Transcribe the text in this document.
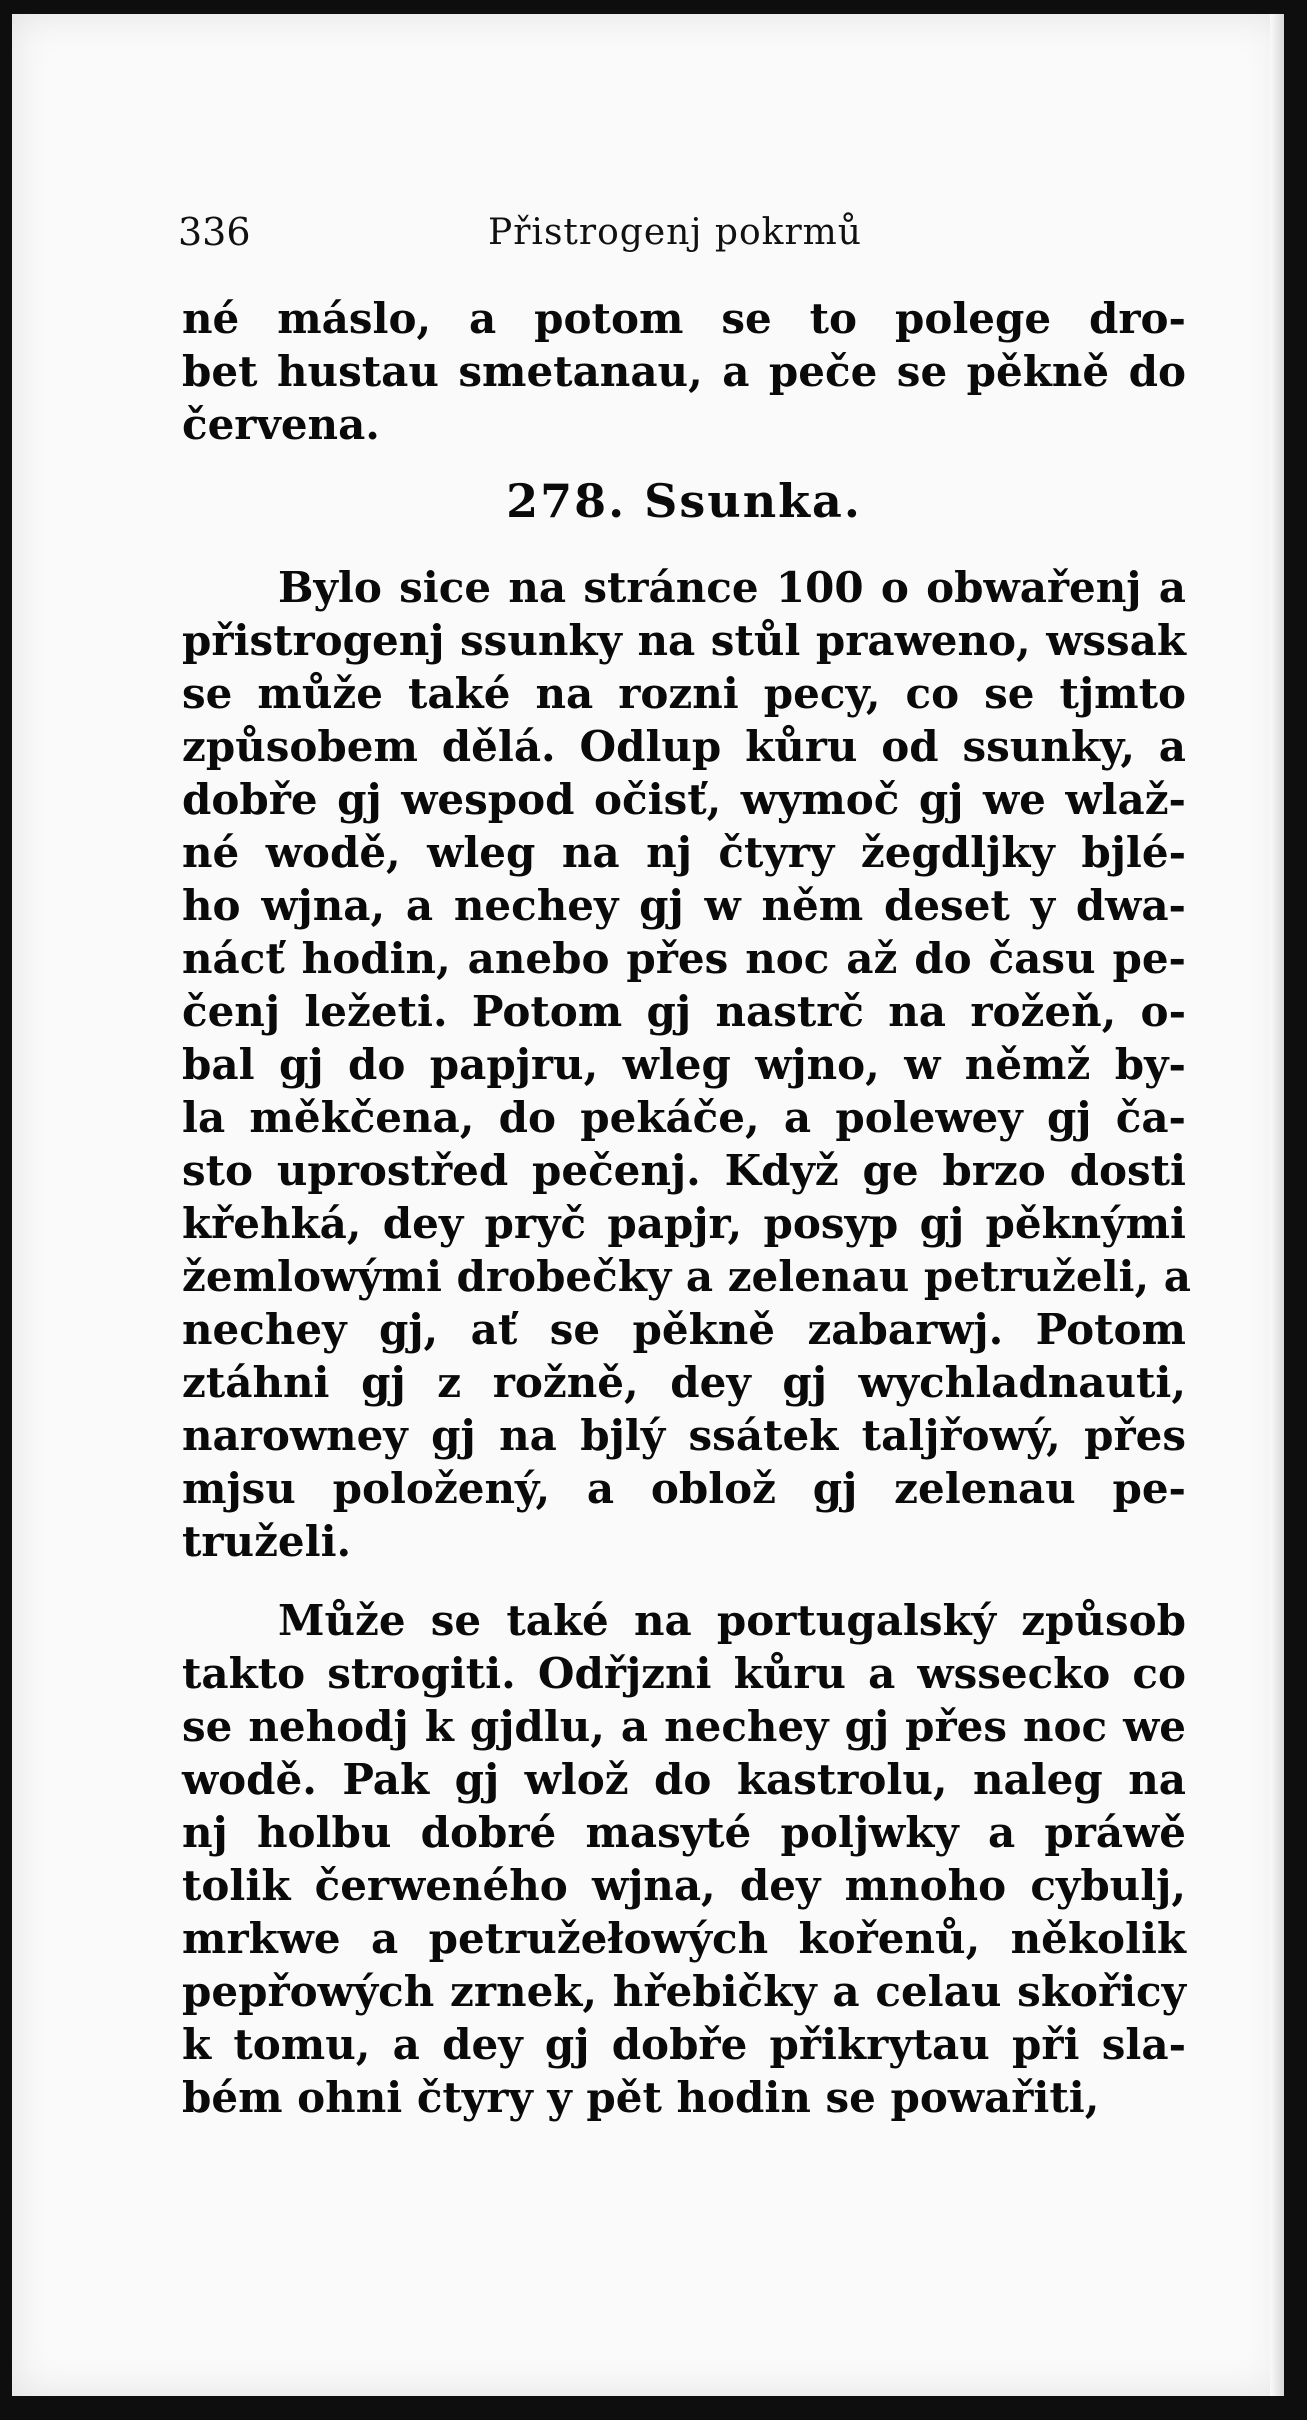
336	Přistrogenj pokrmů
né máslo, a potom se to polege dro-
bet hustau smetanau, a peče se pěkně do
červena.
278. Ssunka.
Bylo sice na stránce 100 o obwařenj a
přistrogenj ssunky na stůl prawеno, wssak
se může také na rozni pecy, co se tjmto
způsobem dělá. Odlup kůru od ssunky, a
dobře gj wespod očisť, wymoč gj we wlaž-
né wodě, wleg na nj čtyry žegdljky bjlé-
ho wjna, a nechey gj w něm deset y dwa-
nácť hodin, anebo přes noc až do času pe-
čenj ležeti. Potom gj nastrč na rožeň, o-
bal gj do papjru, wleg wjno, w němž by-
la měkčena, do pekáče, a polewey gj ča-
sto uprostřed pečenj. Když ge brzo dosti
křehká, dey pryč papjr, posyp gj pěknými
žemlowými drobečky a zelenau petruželi, a
nechey gj, ať se pěkně zabarwj. Potom
ztáhni gj z rožně, dey gj wychladnauti,
narowney gj na bjlý ssátek taljřowý, přes
mjsu položený, a oblož gj zelenau pe-
truželi.
Může se také na portugalský způsob
takto strogiti. Odřjzni kůru a wssecko co
se nehodj k gjdlu, a nechey gj přes noc we
wodě. Pak gj wlož do kastrolu, naleg na
nj holbu dobré masyté poljwky a práwě
tolik čerweného wjna, dey mnoho cybulj,
mrkwe a petružełowých kořenů, několik
pepřowých zrnek, hřebičky a celau skořicy
k tomu, a dey gj dobře přikrytau při sla-
bém ohni čtyry y pět hodin se powařiti,
